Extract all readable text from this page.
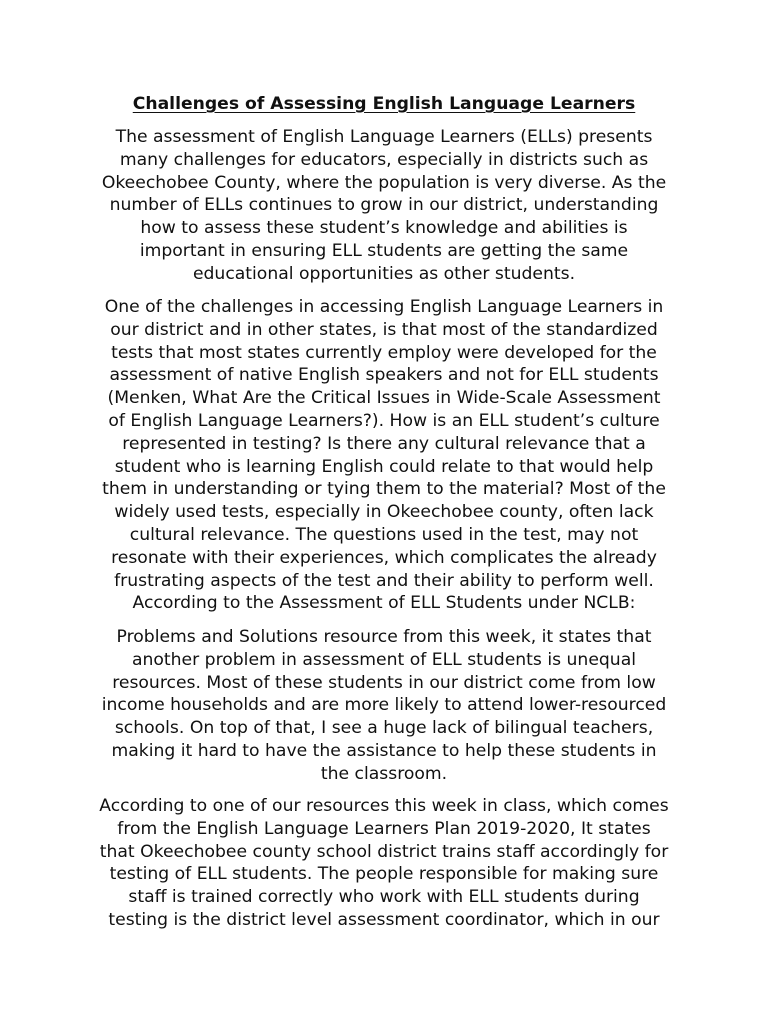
Challenges of Assessing English Language Learners

The assessment of English Language Learners (ELLs) presents
many challenges for educators, especially in districts such as
Okeechobee County, where the population is very diverse. As the
number of ELLs continues to grow in our district, understanding
how to assess these student’s knowledge and abilities is
important in ensuring ELL students are getting the same
educational opportunities as other students.

One of the challenges in accessing English Language Learners in
our district and in other states, is that most of the standardized
tests that most states currently employ were developed for the
assessment of native English speakers and not for ELL students
(Menken, What Are the Critical Issues in Wide-Scale Assessment
of English Language Learners?). How is an ELL student’s culture
represented in testing? Is there any cultural relevance that a
student who is learning English could relate to that would help
them in understanding or tying them to the material? Most of the
widely used tests, especially in Okeechobee county, often lack
cultural relevance. The questions used in the test, may not
resonate with their experiences, which complicates the already
frustrating aspects of the test and their ability to perform well.
According to the Assessment of ELL Students under NCLB:

Problems and Solutions resource from this week, it states that
another problem in assessment of ELL students is unequal
resources. Most of these students in our district come from low
income households and are more likely to attend lower-resourced
schools. On top of that, I see a huge lack of bilingual teachers,
making it hard to have the assistance to help these students in
the classroom.

According to one of our resources this week in class, which comes
from the English Language Learners Plan 2019-2020, It states
that Okeechobee county school district trains staff accordingly for
testing of ELL students. The people responsible for making sure
staff is trained correctly who work with ELL students during
testing is the district level assessment coordinator, which in our
